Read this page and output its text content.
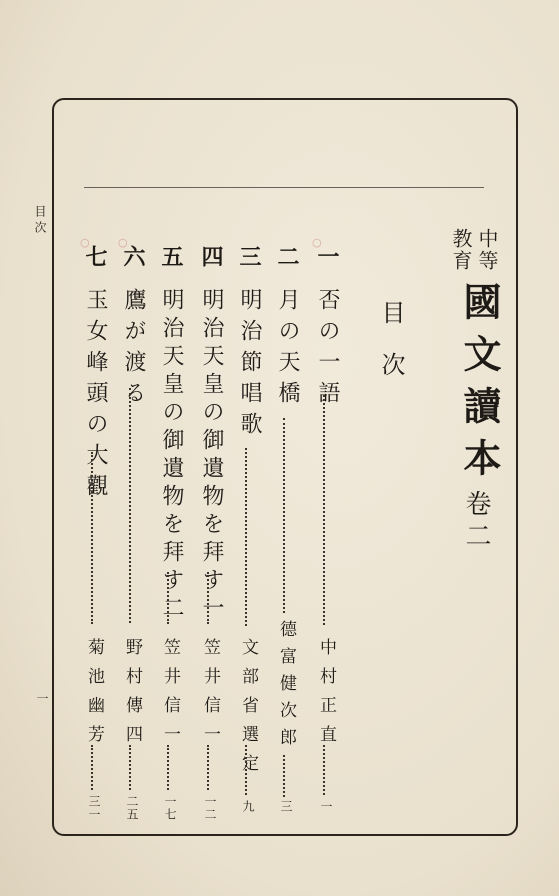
目次
一
中等
教育
國文讀本
卷二
目次
○
○
○
一
否の一語
中村正直
一
二
月の天橋
德富健次郎
三
三
明治節唱歌
文部省選定
九
四
明治天皇の御遺物を拜す一
笠井信一
一二
五
明治天皇の御遺物を拜す二
笠井信一
一七
六
鷹が渡る
野村傳四
二五
七
玉女峰頭の大觀
菊池幽芳
三一
